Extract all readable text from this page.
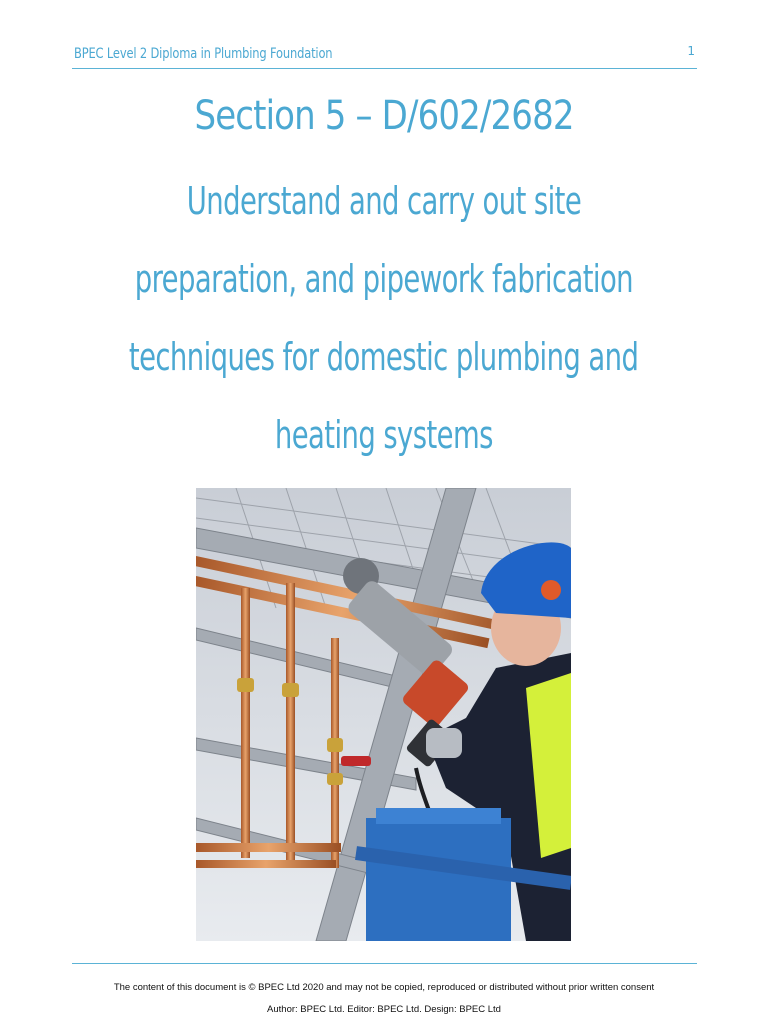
BPEC Level 2 Diploma in Plumbing Foundation	1
Section 5 – D/602/2682
Understand and carry out site
preparation, and pipework fabrication
techniques for domestic plumbing and
heating systems
The content of this document is © BPEC Ltd 2020 and may not be copied, reproduced or distributed without prior written consent
Author: BPEC Ltd. Editor: BPEC Ltd. Design: BPEC Ltd
